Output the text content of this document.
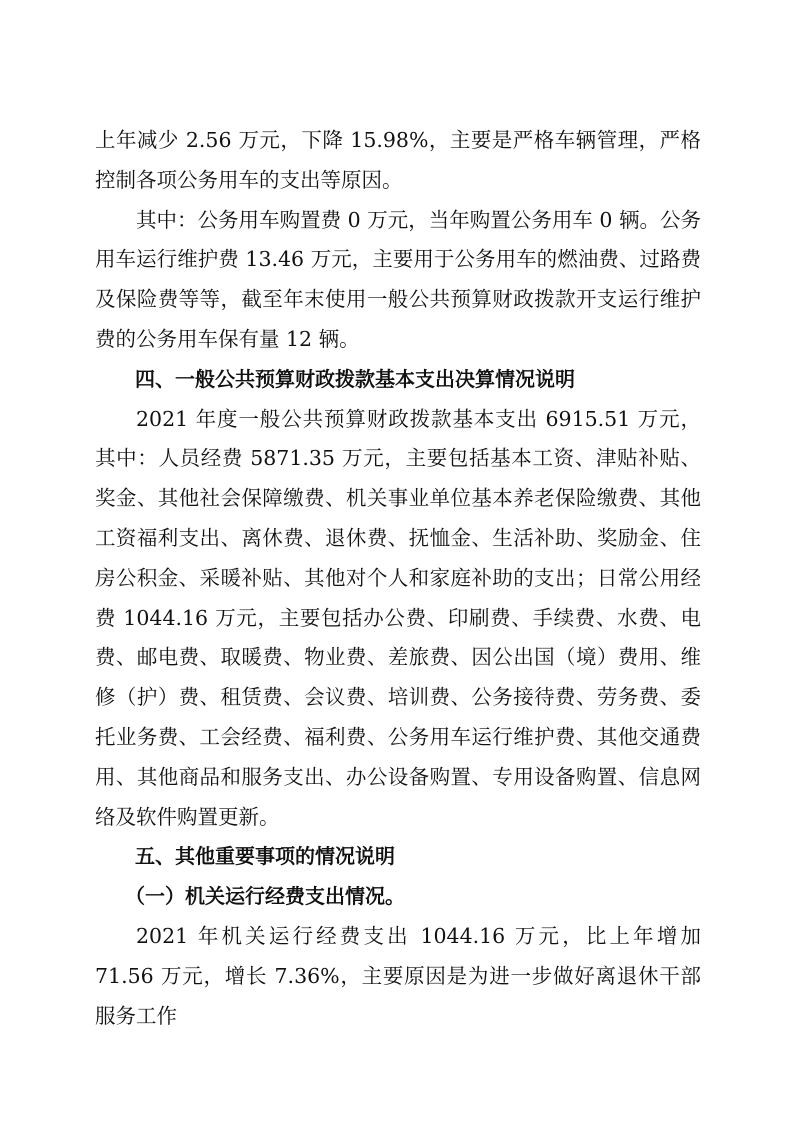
上年减少 2.56 万元，下降 15.98%，主要是严格车辆管理，严格控制各项公务用车的支出等原因。

其中：公务用车购置费 0 万元，当年购置公务用车 0 辆。公务用车运行维护费 13.46 万元，主要用于公务用车的燃油费、过路费及保险费等等，截至年末使用一般公共预算财政拨款开支运行维护费的公务用车保有量 12 辆。

四、一般公共预算财政拨款基本支出决算情况说明

2021 年度一般公共预算财政拨款基本支出 6915.51 万元，其中：人员经费 5871.35 万元，主要包括基本工资、津贴补贴、奖金、其他社会保障缴费、机关事业单位基本养老保险缴费、其他工资福利支出、离休费、退休费、抚恤金、生活补助、奖励金、住房公积金、采暖补贴、其他对个人和家庭补助的支出；日常公用经费 1044.16 万元，主要包括办公费、印刷费、手续费、水费、电费、邮电费、取暖费、物业费、差旅费、因公出国（境）费用、维修（护）费、租赁费、会议费、培训费、公务接待费、劳务费、委托业务费、工会经费、福利费、公务用车运行维护费、其他交通费用、其他商品和服务支出、办公设备购置、专用设备购置、信息网络及软件购置更新。

五、其他重要事项的情况说明

（一）机关运行经费支出情况。

2021 年机关运行经费支出 1044.16 万元，比上年增加 71.56 万元，增长 7.36%，主要原因是为进一步做好离退休干部服务工作
